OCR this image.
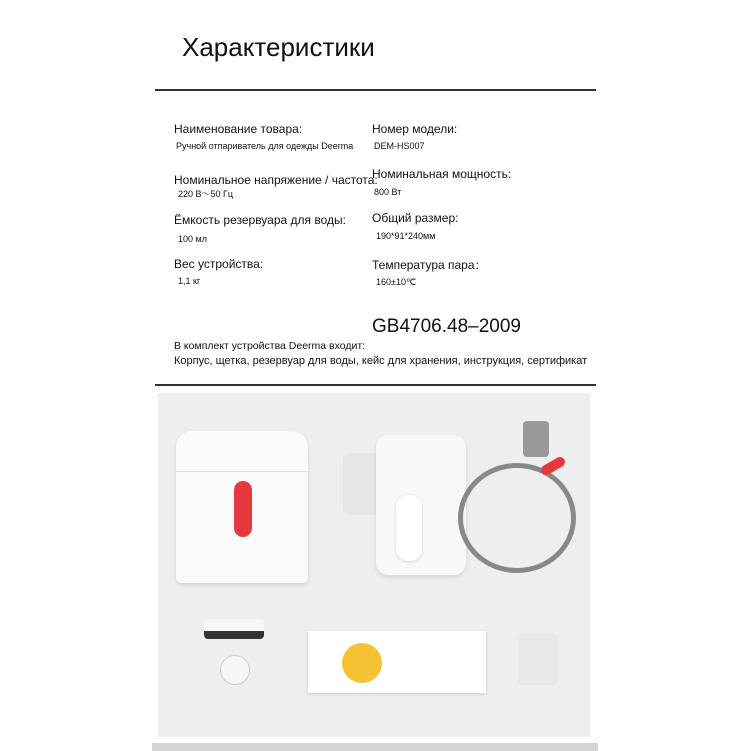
Характеристики
Наименование товара:
Ручной отпариватель для одежды Deerma
Номер модели:
DEM-HS007
Номинальное напряжение / частота:
220 В～50 Гц
Номинальная мощность:
800 Вт
Ёмкость резервуара для воды:
100 мл
Общий размер:
190*91*240мм
Вес устройства:
1,1 кг
Температура пара：
160±10℃
GB4706.48–2009
В комплект устройства Deerma входит:
Корпус, щетка, резервуар для воды, кейс для хранения, инструкция, сертификат
